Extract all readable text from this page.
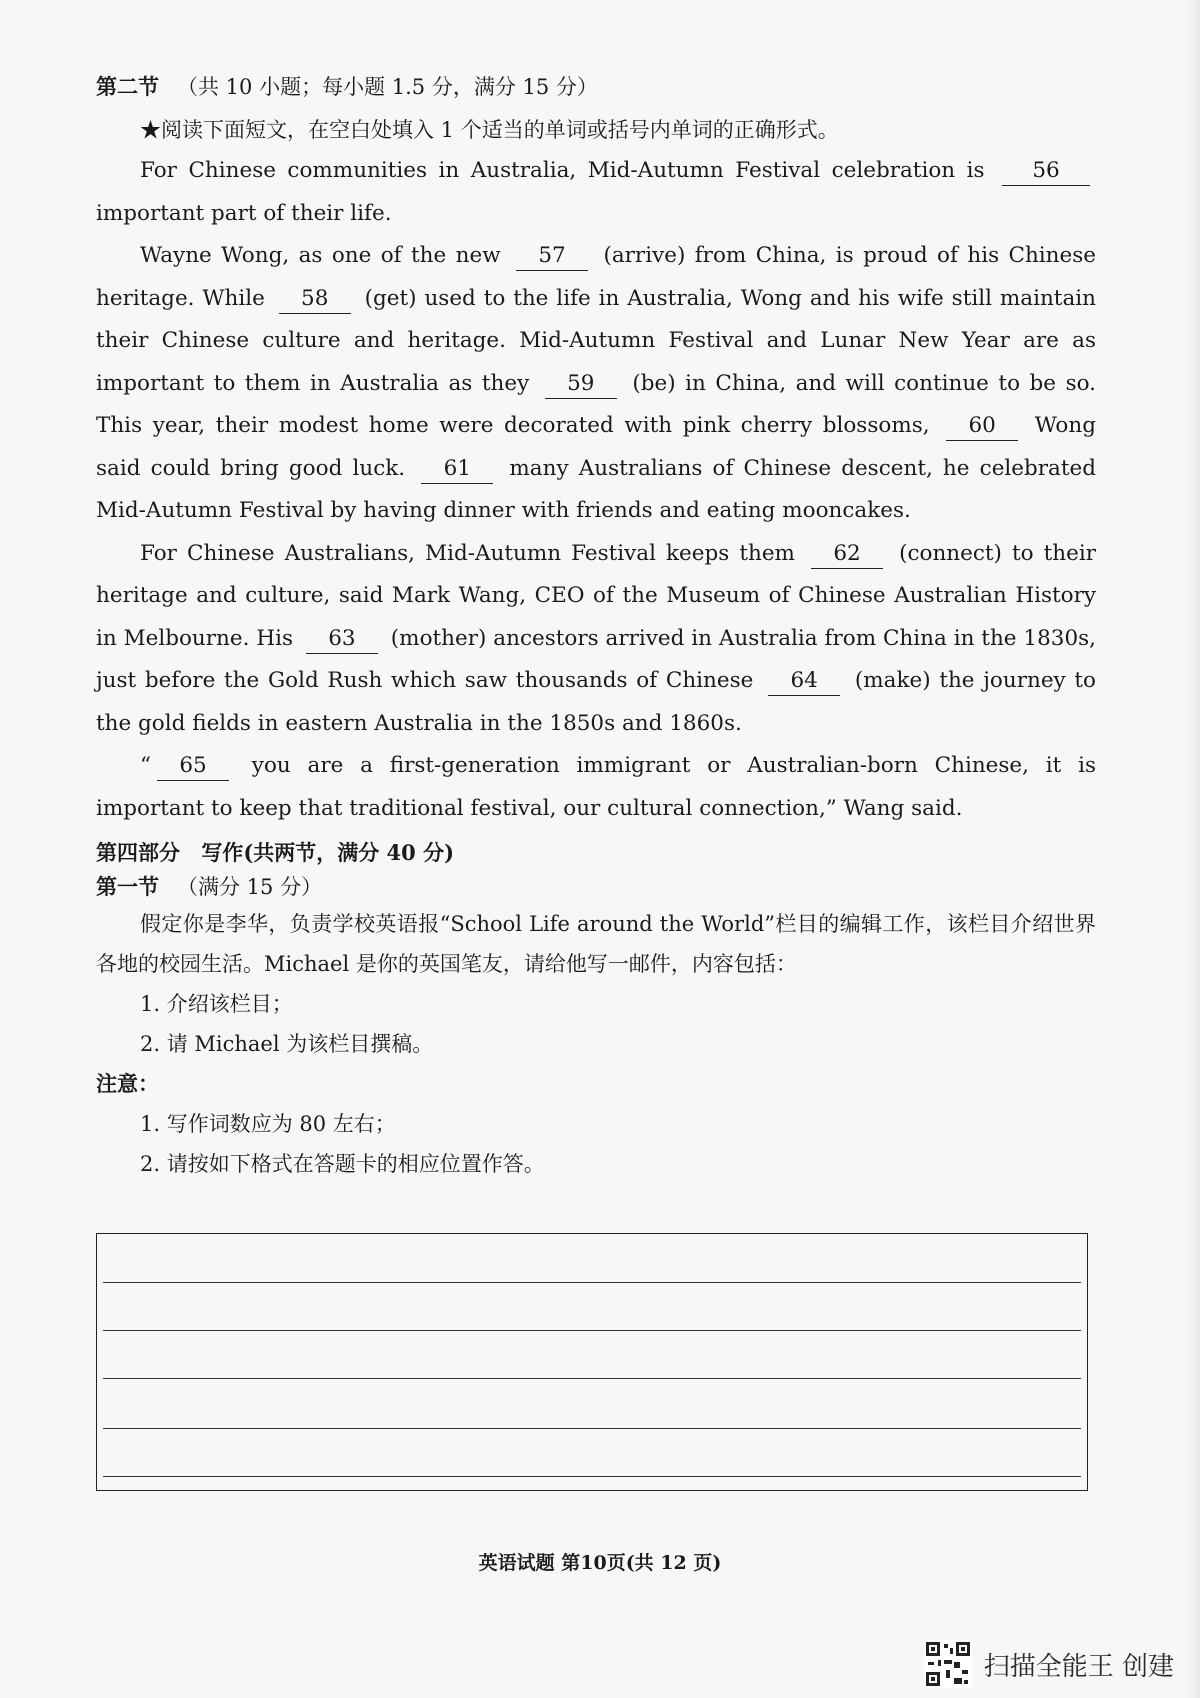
第二节 （共 10 小题；每小题 1.5 分，满分 15 分）

★阅读下面短文，在空白处填入 1 个适当的单词或括号内单词的正确形式。

For Chinese communities in Australia, Mid-Autumn Festival celebration is 56 important part of their life.

Wayne Wong, as one of the new 57 (arrive) from China, is proud of his Chinese heritage. While 58 (get) used to the life in Australia, Wong and his wife still maintain their Chinese culture and heritage. Mid-Autumn Festival and Lunar New Year are as important to them in Australia as they 59 (be) in China, and will continue to be so. This year, their modest home were decorated with pink cherry blossoms, 60 Wong said could bring good luck. 61 many Australians of Chinese descent, he celebrated Mid-Autumn Festival by having dinner with friends and eating mooncakes.

For Chinese Australians, Mid-Autumn Festival keeps them 62 (connect) to their heritage and culture, said Mark Wang, CEO of the Museum of Chinese Australian History in Melbourne. His 63 (mother) ancestors arrived in Australia from China in the 1830s, just before the Gold Rush which saw thousands of Chinese 64 (make) the journey to the gold fields in eastern Australia in the 1850s and 1860s.

“ 65 you are a first-generation immigrant or Australian-born Chinese, it is important to keep that traditional festival, our cultural connection,” Wang said.

第四部分 写作(共两节，满分 40 分)
第一节 （满分 15 分）

假定你是李华，负责学校英语报“School Life around the World”栏目的编辑工作，该栏目介绍世界各地的校园生活。Michael 是你的英国笔友，请给他写一邮件，内容包括：

1. 介绍该栏目；

2. 请 Michael 为该栏目撰稿。

注意：

1. 写作词数应为 80 左右；

2. 请按如下格式在答题卡的相应位置作答。

英语试题 第10页(共 12 页)
扫描全能王 创建
